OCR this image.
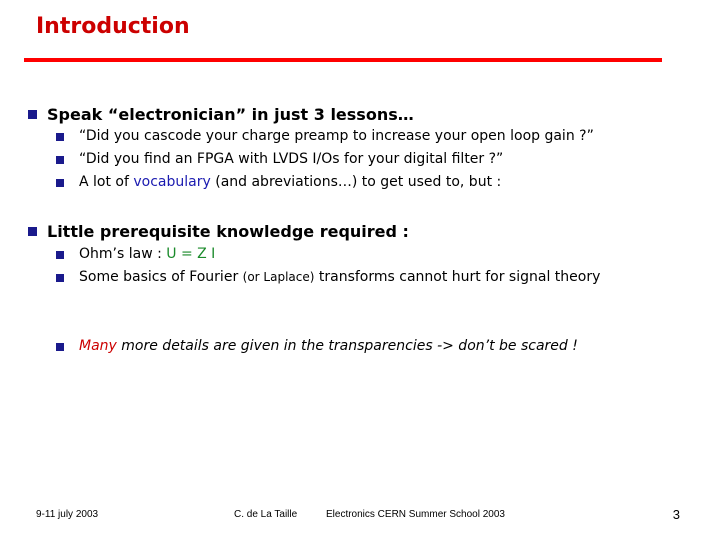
Introduction
Speak “electronician” in just 3 lessons…
“Did you cascode your charge preamp to increase your open loop gain ?”
“Did you find an FPGA with LVDS I/Os for your digital filter ?”
A lot of vocabulary (and abreviations…) to get used to, but :
Little prerequisite knowledge required :
Ohm’s law : U = Z I
Some basics of Fourier (or Laplace) transforms cannot hurt for signal theory
Many more details are given in the transparencies -> don’t be scared !
9-11 july 2003	C. de La Taille	Electronics CERN Summer School 2003	3
